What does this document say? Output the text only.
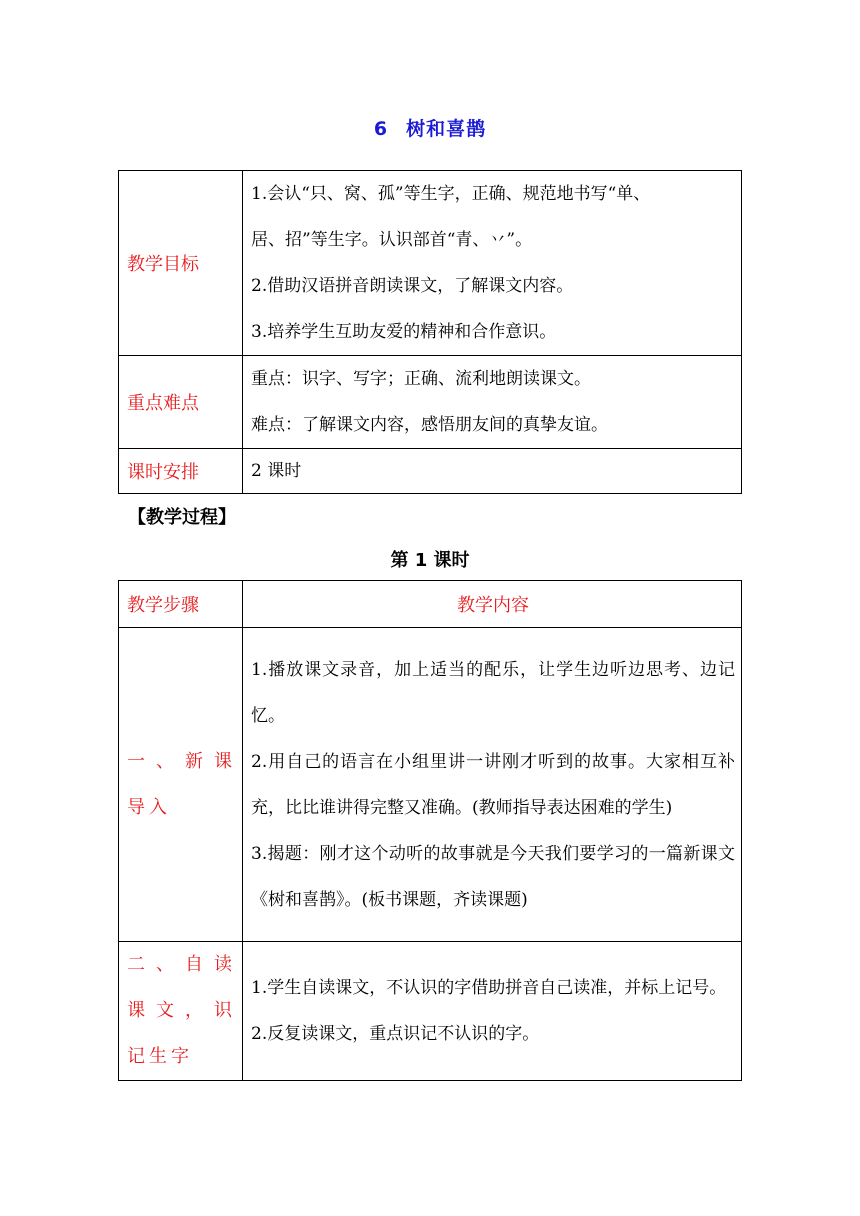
6 树和喜鹊
教学目标	1.会认“只、窝、孤”等生字，正确、规范地书写“单、
居、招”等生字。认识部首“青、丷”。
2.借助汉语拼音朗读课文，了解课文内容。
3.培养学生互助友爱的精神和合作意识。

重点难点	重点：识字、写字；正确、流利地朗读课文。
难点：了解课文内容，感悟朋友间的真挚友谊。

课时安排	2 课时
【教学过程】
第 1 课时
教学步骤	教学内容

一、新课导入	1.播放课文录音，加上适当的配乐，让学生边听边思考、边记忆。
2.用自己的语言在小组里讲一讲刚才听到的故事。大家相互补充，比比谁讲得完整又准确。(教师指导表达困难的学生)
3.揭题：刚才这个动听的故事就是今天我们要学习的一篇新课文《树和喜鹊》。(板书课题，齐读课题)

二、自读课文，识记生字	1.学生自读课文，不认识的字借助拼音自己读准，并标上记号。
2.反复读课文，重点识记不认识的字。
